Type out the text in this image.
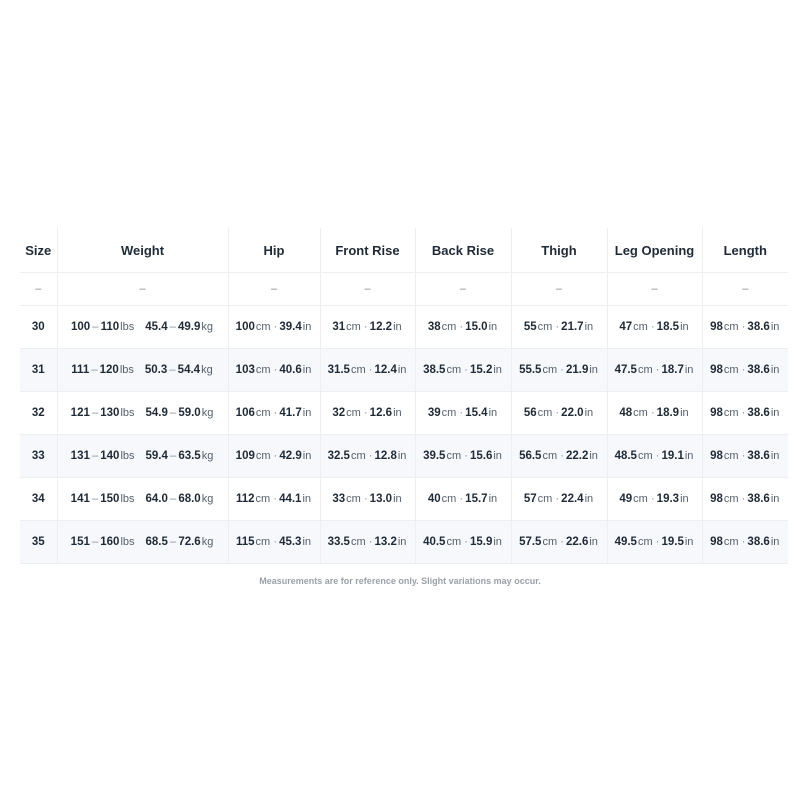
Size	Weight	Hip	Front Rise	Back Rise	Thigh	Leg Opening	Length
–	–	–	–	–	–	–	–
30	100 – 110lbs 45.4 – 49.9kg	100cm · 39.4in	31cm · 12.2in	38cm · 15.0in	55cm · 21.7in	47cm · 18.5in	98cm · 38.6in
31	111 – 120lbs 50.3 – 54.4kg	103cm · 40.6in	31.5cm · 12.4in	38.5cm · 15.2in	55.5cm · 21.9in	47.5cm · 18.7in	98cm · 38.6in
32	121 – 130lbs 54.9 – 59.0kg	106cm · 41.7in	32cm · 12.6in	39cm · 15.4in	56cm · 22.0in	48cm · 18.9in	98cm · 38.6in
33	131 – 140lbs 59.4 – 63.5kg	109cm · 42.9in	32.5cm · 12.8in	39.5cm · 15.6in	56.5cm · 22.2in	48.5cm · 19.1in	98cm · 38.6in
34	141 – 150lbs 64.0 – 68.0kg	112cm · 44.1in	33cm · 13.0in	40cm · 15.7in	57cm · 22.4in	49cm · 19.3in	98cm · 38.6in
35	151 – 160lbs 68.5 – 72.6kg	115cm · 45.3in	33.5cm · 13.2in	40.5cm · 15.9in	57.5cm · 22.6in	49.5cm · 19.5in	98cm · 38.6in
Measurements are for reference only. Slight variations may occur.
